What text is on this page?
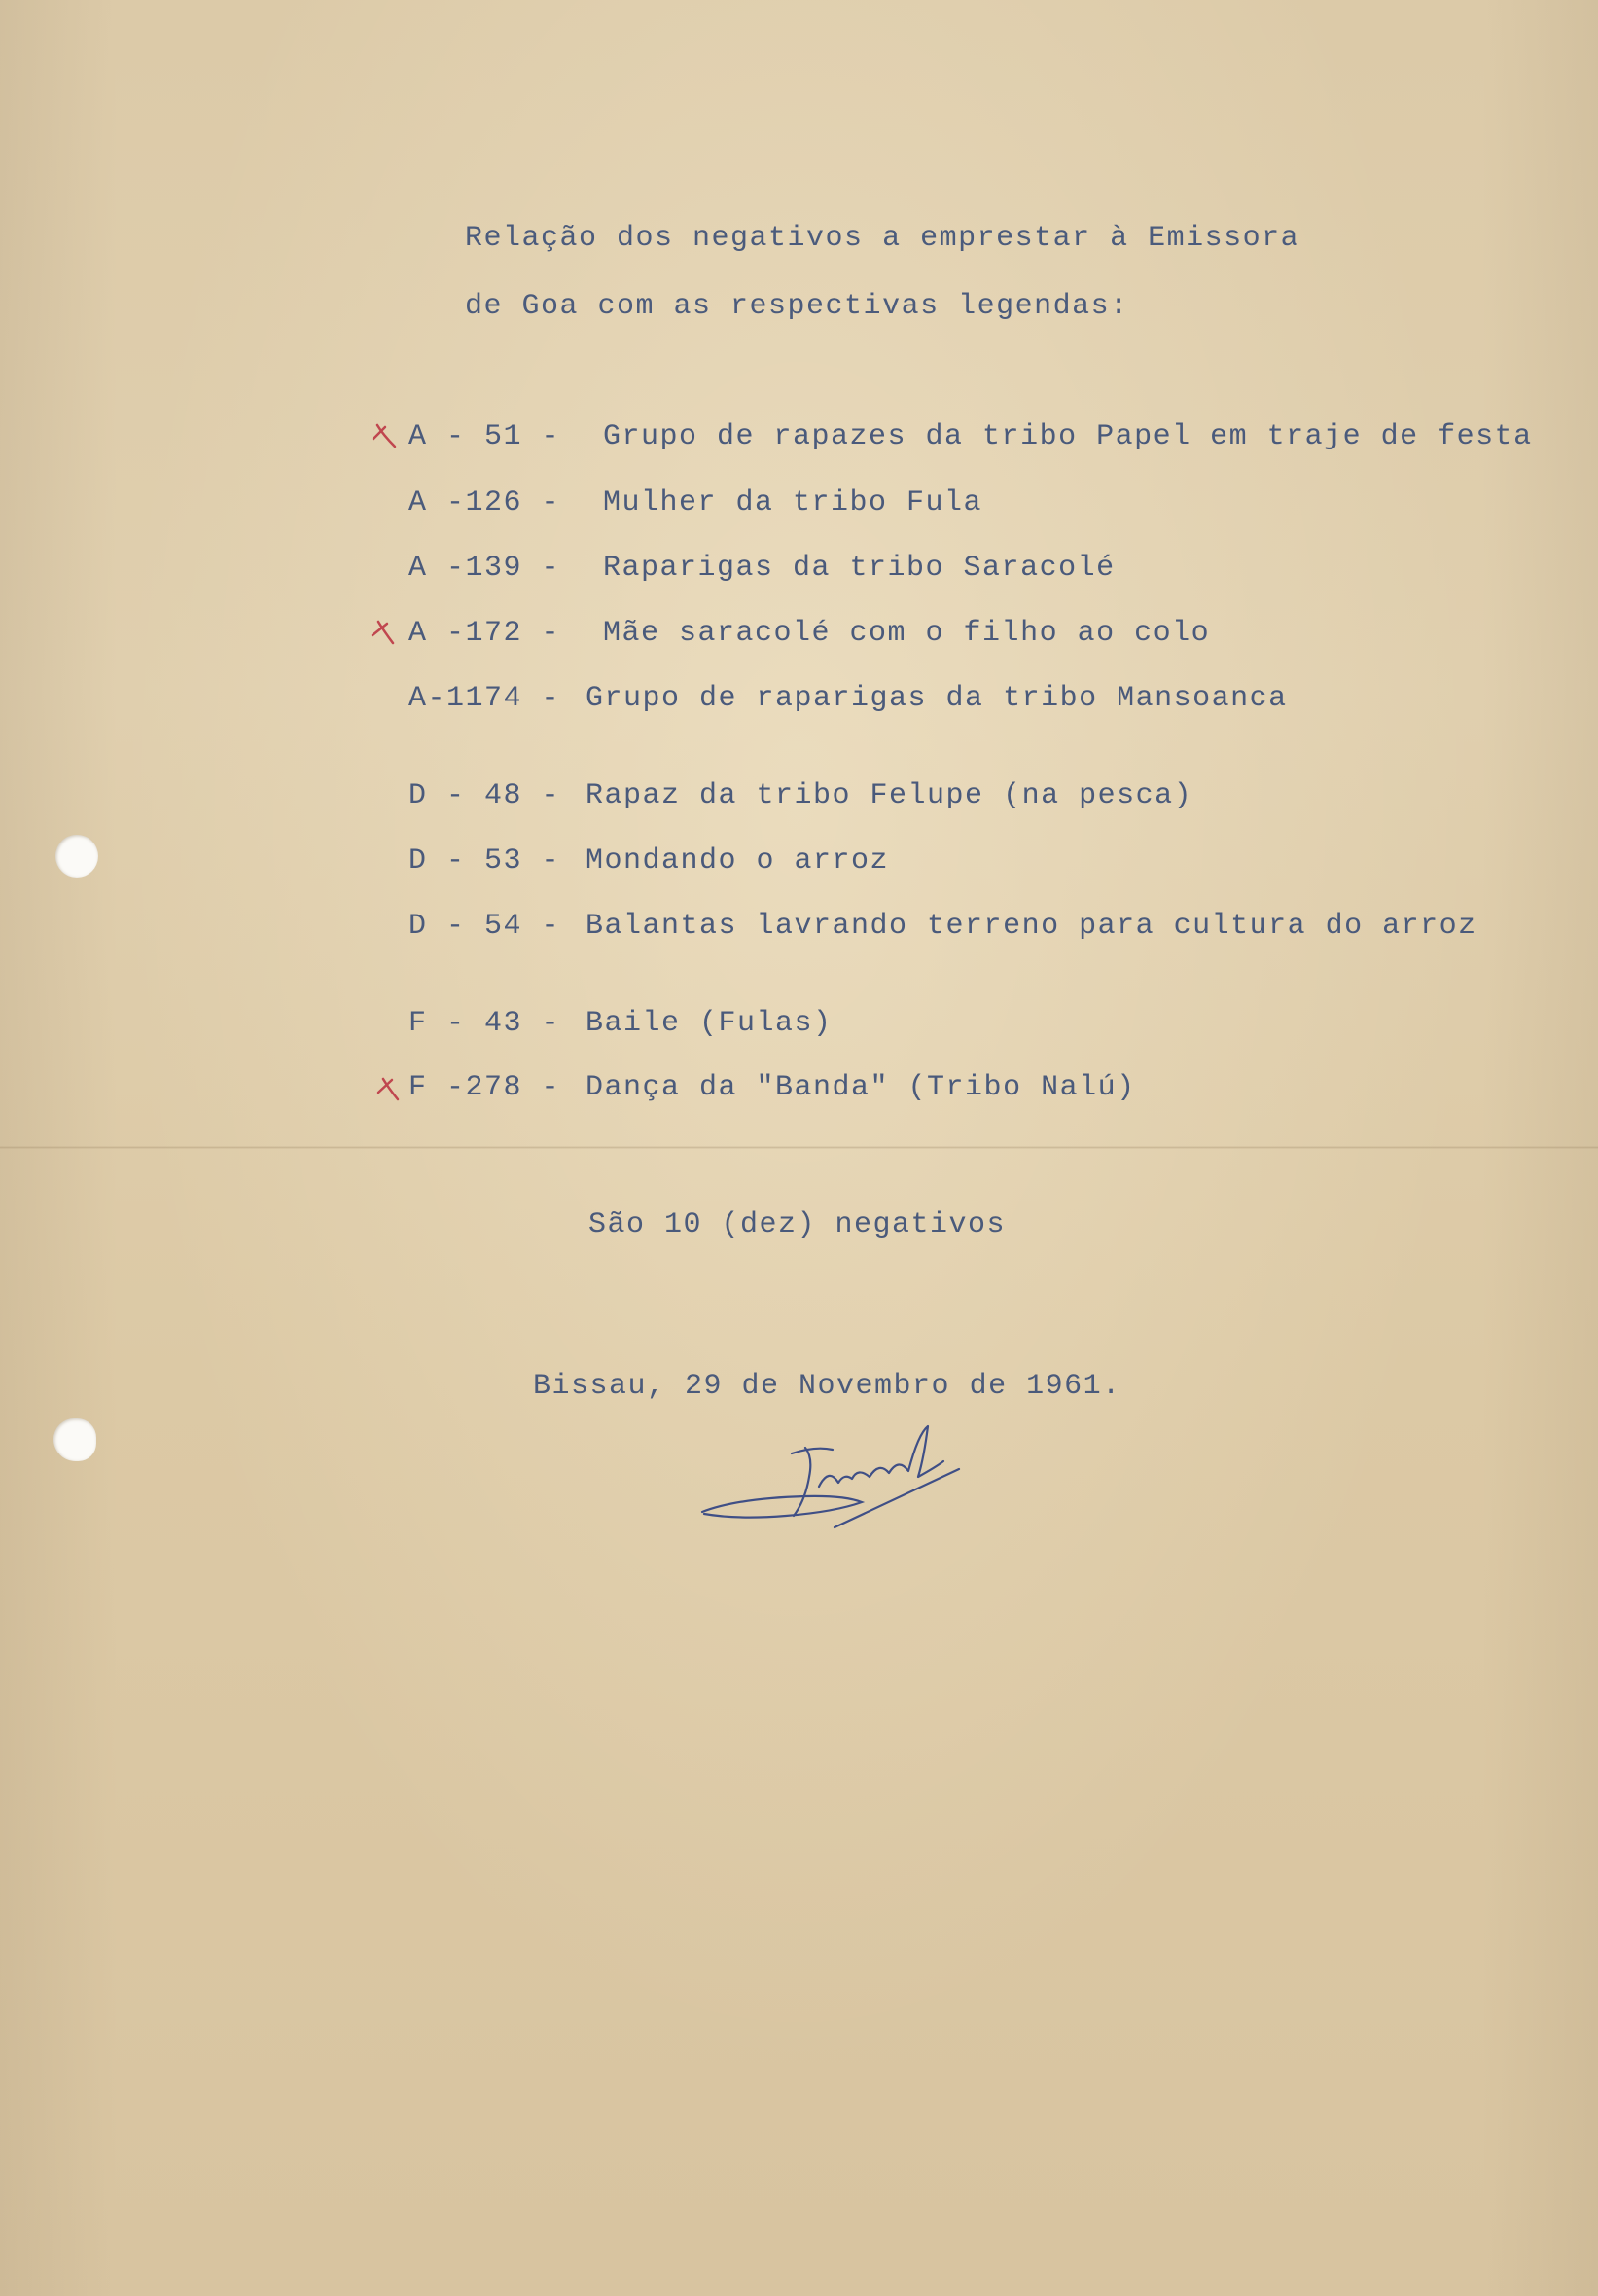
Relação dos negativos a emprestar à Emissora
de Goa com as respectivas legendas:
A - 51 - Grupo de rapazes da tribo Papel em traje de festa
A -126 - Mulher da tribo Fula
A -139 - Raparigas da tribo Saracolé
A -172 - Mãe saracolé com o filho ao colo
A-1174 - Grupo de raparigas da tribo Mansoanca
D - 48 - Rapaz da tribo Felupe (na pesca)
D - 53 - Mondando o arroz
D - 54 - Balantas lavrando terreno para cultura do arroz
F - 43 - Baile (Fulas)
F -278 - Dança da "Banda" (Tribo Nalú)
São 10 (dez) negativos
Bissau, 29 de Novembro de 1961.
